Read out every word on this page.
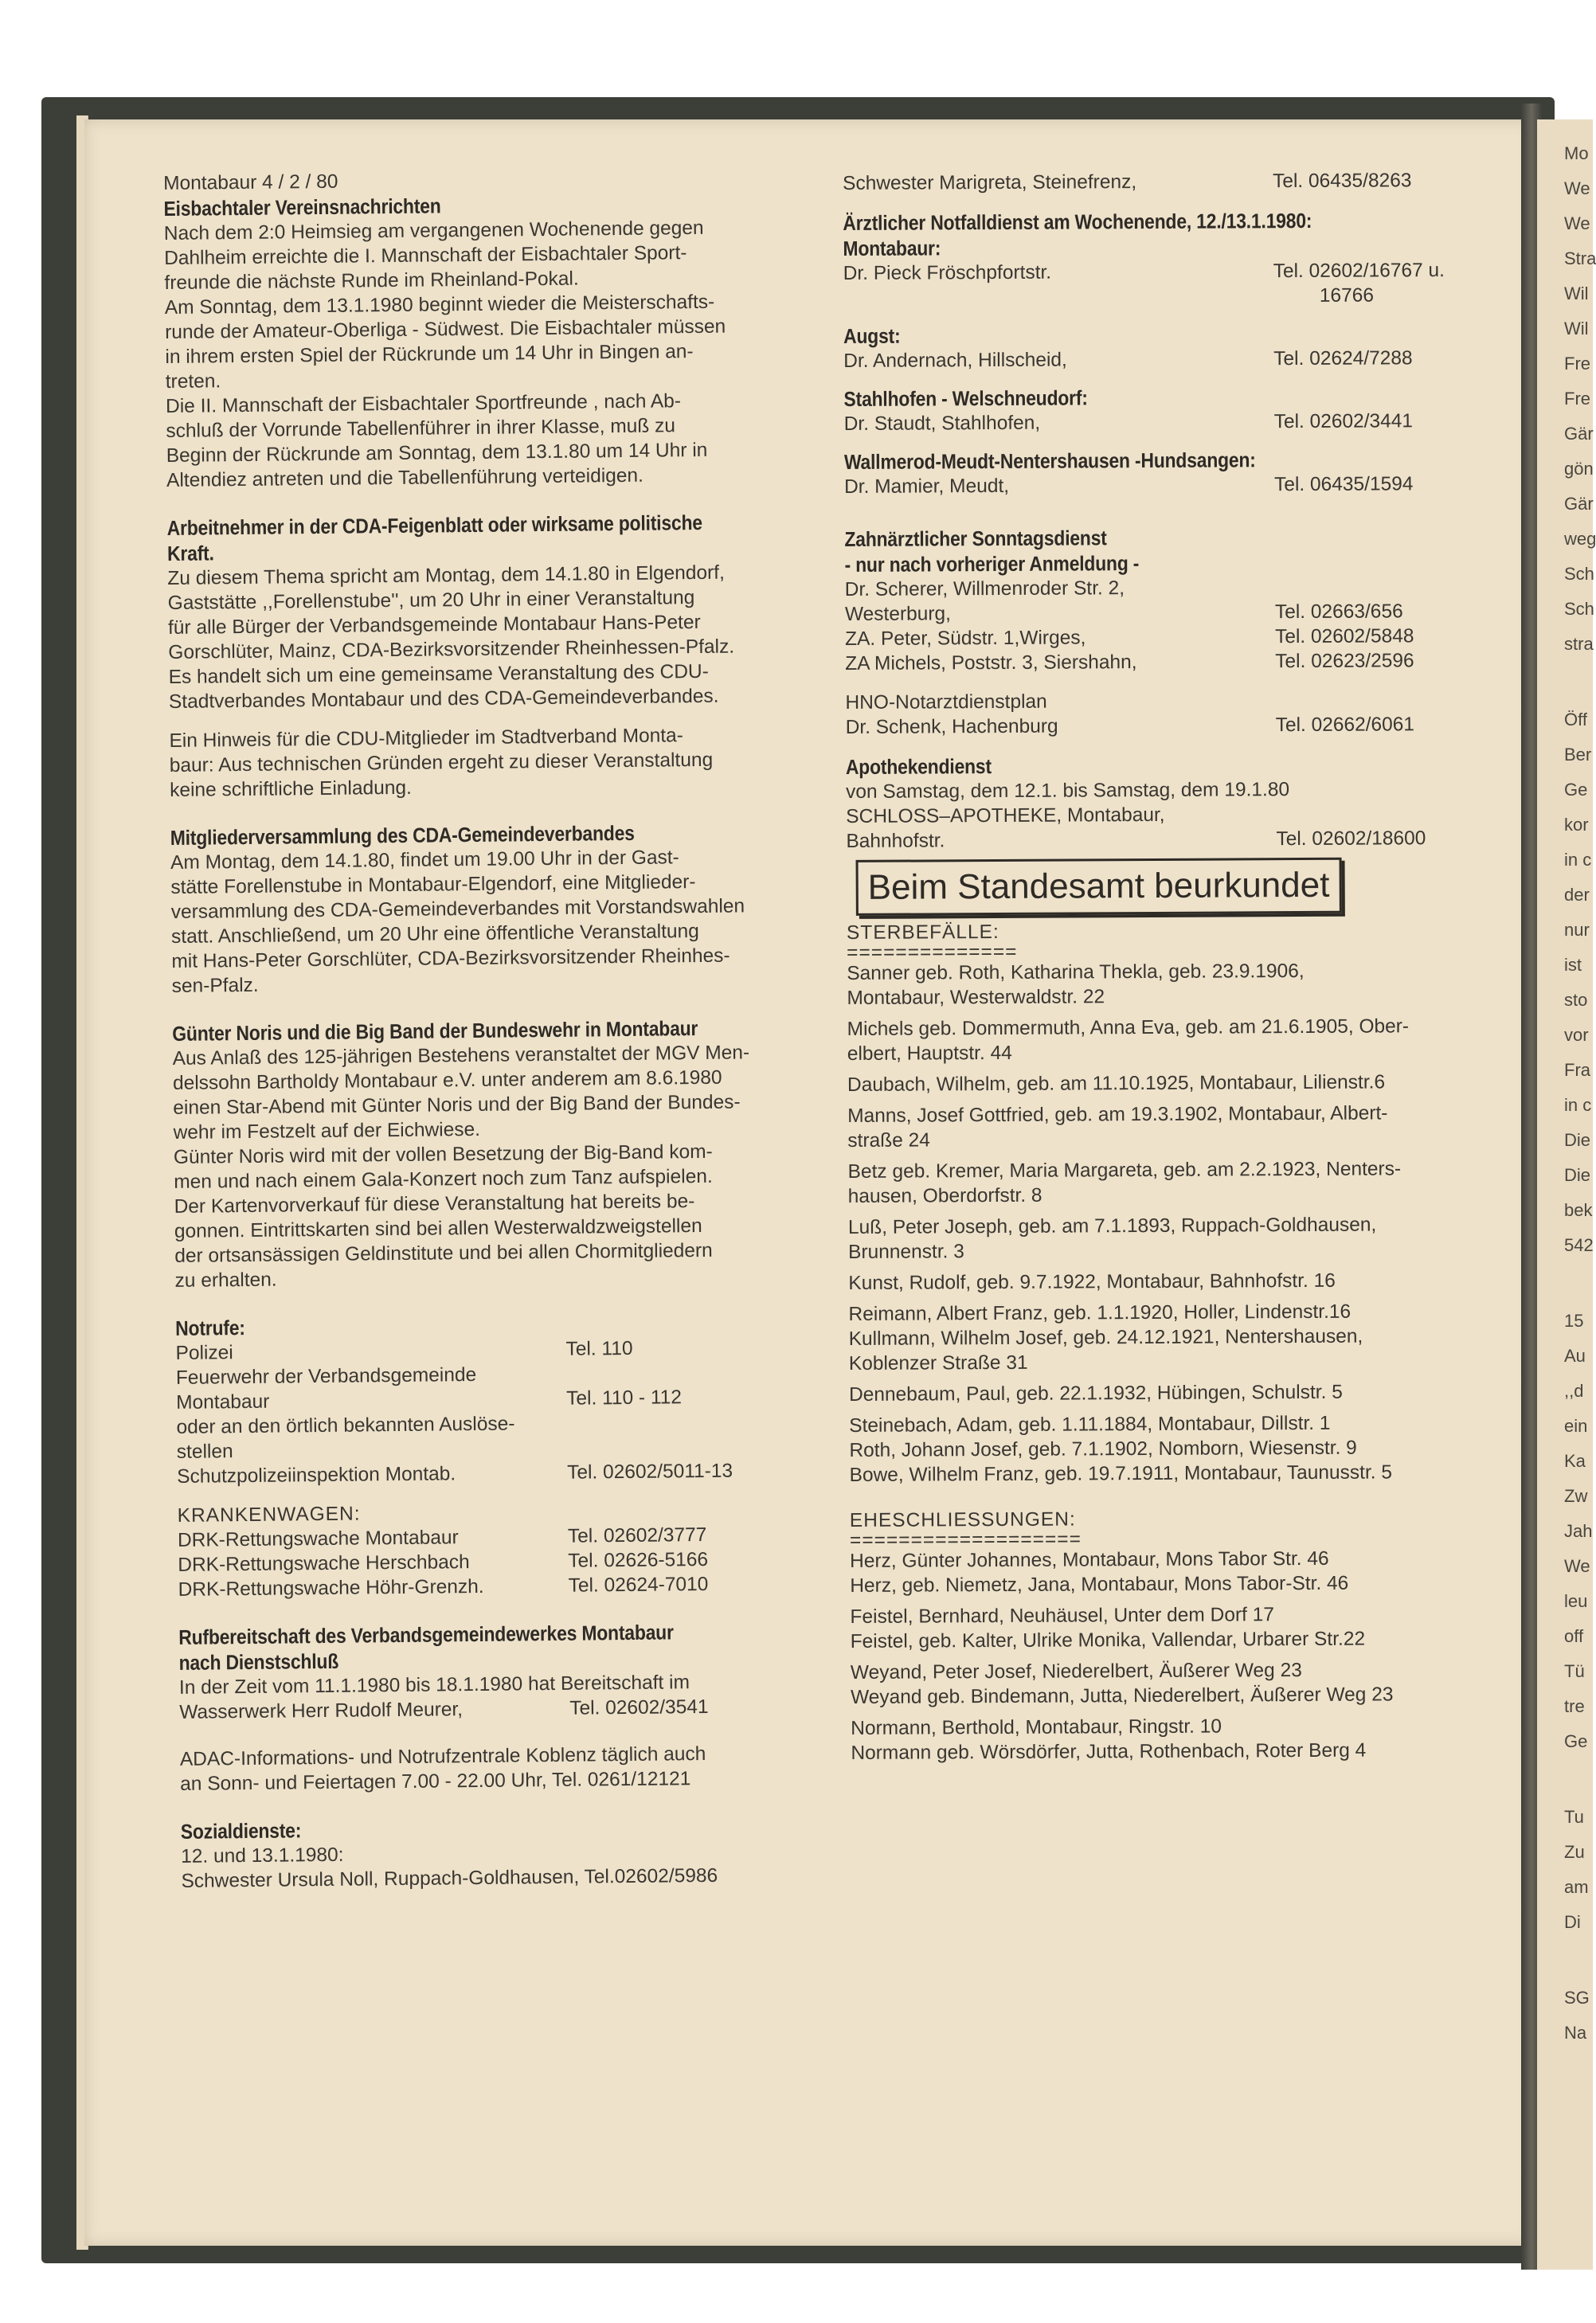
Mo
We
We
Stra
Wil
Wil
Fre
Fre
Gär
gön
Gär
weg
Sch
Sch
stra
Öff
Ber
Ge
kor
in c
der
nur
ist
sto
vor
Fra
in c
Die
Die
bek
542
15
Au
,,d
ein
Ka
Zw
Jah
We
leu
off
Tü
tre
Ge
Tu
Zu
am
Di
SG
Na

Montabaur 4 / 2 / 80

Eisbachtaler Vereinsnachrichten

Nach dem 2:0 Heimsieg am vergangenen Wochenende gegen

Dahlheim erreichte die I. Mannschaft der Eisbachtaler Sport-

freunde die nächste Runde im Rheinland-Pokal.

Am Sonntag, dem 13.1.1980 beginnt wieder die Meisterschafts-

runde der Amateur-Oberliga - Südwest. Die Eisbachtaler müssen

in ihrem ersten Spiel der Rückrunde um 14 Uhr in Bingen an-

treten.

Die II. Mannschaft der Eisbachtaler Sportfreunde , nach Ab-

schluß der Vorrunde Tabellenführer in ihrer Klasse, muß zu

Beginn der Rückrunde am Sonntag, dem 13.1.80 um 14 Uhr in

Altendiez antreten und die Tabellenführung verteidigen.

Arbeitnehmer in der CDA-Feigenblatt oder wirksame politische

Kraft.

Zu diesem Thema spricht am Montag, dem 14.1.80 in Elgendorf,

Gaststätte ,,Forellenstube'', um 20 Uhr in einer Veranstaltung

für alle Bürger der Verbandsgemeinde Montabaur Hans-Peter

Gorschlüter, Mainz, CDA-Bezirksvorsitzender Rheinhessen-Pfalz.

Es handelt sich um eine gemeinsame Veranstaltung des CDU-

Stadtverbandes Montabaur und des CDA-Gemeindeverbandes.

Ein Hinweis für die CDU-Mitglieder im Stadtverband Monta-

baur: Aus technischen Gründen ergeht zu dieser Veranstaltung

keine schriftliche Einladung.

Mitgliederversammlung des CDA-Gemeindeverbandes

Am Montag, dem 14.1.80, findet um 19.00 Uhr in der Gast-

stätte Forellenstube in Montabaur-Elgendorf, eine Mitglieder-

versammlung des CDA-Gemeindeverbandes mit Vorstandswahlen

statt. Anschließend, um 20 Uhr eine öffentliche Veranstaltung

mit Hans-Peter Gorschlüter, CDA-Bezirksvorsitzender Rheinhes-

sen-Pfalz.

Günter Noris und die Big Band der Bundeswehr in Montabaur

Aus Anlaß des 125-jährigen Bestehens veranstaltet der MGV Men-

delssohn Bartholdy Montabaur e.V. unter anderem am 8.6.1980

einen Star-Abend mit Günter Noris und der Big Band der Bundes-

wehr im Festzelt auf der Eichwiese.

Günter Noris wird mit der vollen Besetzung der Big-Band kom-

men und nach einem Gala-Konzert noch zum Tanz aufspielen.

Der Kartenvorverkauf für diese Veranstaltung hat bereits be-

gonnen. Eintrittskarten sind bei allen Westerwaldzweigstellen

der ortsansässigen Geldinstitute und bei allen Chormitgliedern

zu erhalten.

Notrufe:

Polizei	Tel. 110

Feuerwehr der Verbandsgemeinde

Montabaur	Tel. 110 - 112

oder an den örtlich bekannten Auslöse-

stellen

Schutzpolizeiinspektion Montab.	Tel. 02602/5011-13

KRANKENWAGEN:

DRK-Rettungswache Montabaur	Tel. 02602/3777

DRK-Rettungswache Herschbach	Tel. 02626-5166

DRK-Rettungswache Höhr-Grenzh.	Tel. 02624-7010

Rufbereitschaft des Verbandsgemeindewerkes Montabaur

nach Dienstschluß

In der Zeit vom 11.1.1980 bis 18.1.1980 hat Bereitschaft im

Wasserwerk Herr Rudolf Meurer,	Tel. 02602/3541

ADAC-Informations- und Notrufzentrale Koblenz täglich auch

an Sonn- und Feiertagen 7.00 - 22.00 Uhr, Tel. 0261/12121

Sozialdienste:

12. und 13.1.1980:

Schwester Ursula Noll, Ruppach-Goldhausen, Tel.02602/5986

Schwester Marigreta, Steinefrenz,	Tel. 06435/8263

Ärztlicher Notfalldienst am Wochenende, 12./13.1.1980:

Montabaur:

Dr. Pieck Fröschpfortstr.	Tel. 02602/16767 u.
16766

Augst:

Dr. Andernach, Hillscheid,	Tel. 02624/7288

Stahlhofen - Welschneudorf:

Dr. Staudt, Stahlhofen,	Tel. 02602/3441

Wallmerod-Meudt-Nentershausen -Hundsangen:

Dr. Mamier, Meudt,	Tel. 06435/1594

Zahnärztlicher Sonntagsdienst

- nur nach vorheriger Anmeldung -

Dr. Scherer, Willmenroder Str. 2,
Westerburg,	Tel. 02663/656
ZA. Peter, Südstr. 1,Wirges,	Tel. 02602/5848
ZA Michels, Poststr. 3, Siershahn,	Tel. 02623/2596

HNO-Notarztdienstplan

Dr. Schenk, Hachenburg	Tel. 02662/6061

Apothekendienst

von Samstag, dem 12.1. bis Samstag, dem 19.1.80

SCHLOSS–APOTHEKE, Montabaur,

Bahnhofstr.	Tel. 02602/18600
Beim Standesamt beurkundet

STERBEFÄLLE:

==============

Sanner geb. Roth, Katharina Thekla, geb. 23.9.1906,

Montabaur, Westerwaldstr. 22

Michels geb. Dommermuth, Anna Eva, geb. am 21.6.1905, Ober-

elbert, Hauptstr. 44

Daubach, Wilhelm, geb. am 11.10.1925, Montabaur, Lilienstr.6

Manns, Josef Gottfried, geb. am 19.3.1902, Montabaur, Albert-

straße 24

Betz geb. Kremer, Maria Margareta, geb. am 2.2.1923, Nenters-

hausen, Oberdorfstr. 8

Luß, Peter Joseph, geb. am 7.1.1893, Ruppach-Goldhausen,

Brunnenstr. 3

Kunst, Rudolf, geb. 9.7.1922, Montabaur, Bahnhofstr. 16

Reimann, Albert Franz, geb. 1.1.1920, Holler, Lindenstr.16

Kullmann, Wilhelm Josef, geb. 24.12.1921, Nentershausen,

Koblenzer Straße 31

Dennebaum, Paul, geb. 22.1.1932, Hübingen, Schulstr. 5

Steinebach, Adam, geb. 1.11.1884, Montabaur, Dillstr. 1

Roth, Johann Josef, geb. 7.1.1902, Nomborn, Wiesenstr. 9

Bowe, Wilhelm Franz, geb. 19.7.1911, Montabaur, Taunusstr. 5

EHESCHLIESSUNGEN:

===================

Herz, Günter Johannes, Montabaur, Mons Tabor Str. 46

Herz, geb. Niemetz, Jana, Montabaur, Mons Tabor-Str. 46

Feistel, Bernhard, Neuhäusel, Unter dem Dorf 17

Feistel, geb. Kalter, Ulrike Monika, Vallendar, Urbarer Str.22

Weyand, Peter Josef, Niederelbert, Äußerer Weg 23

Weyand geb. Bindemann, Jutta, Niederelbert, Äußerer Weg 23

Normann, Berthold, Montabaur, Ringstr. 10

Normann geb. Wörsdörfer, Jutta, Rothenbach, Roter Berg 4
